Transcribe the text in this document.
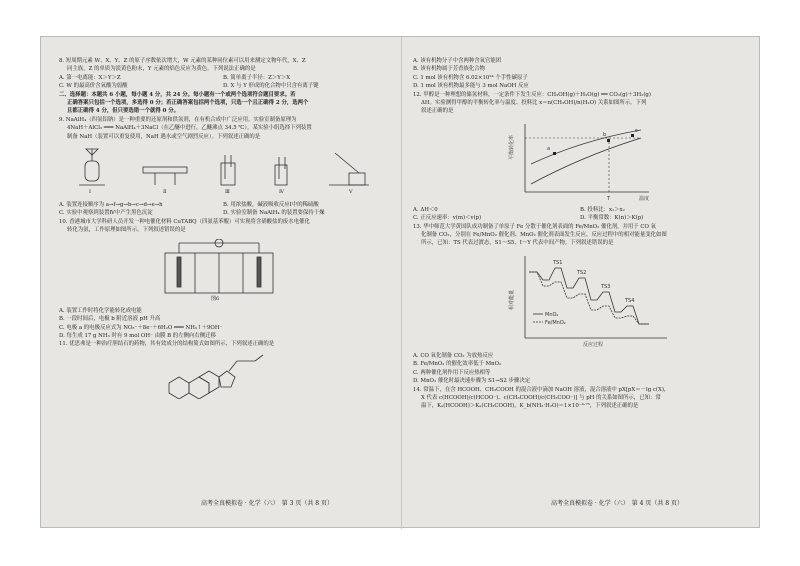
8. 短周期元素 W、X、Y、Z 的原子序数依次增大，W 元素的某种同位素可以用来测定文物年代，X、Z
同主族，Z 的单质为淡黄色粉末，Y 元素的焰色反应为黄色。下列说法正确的是
A. 第一电离能：X＞Y＞Z	B. 简单离子半径：Z＞Y＞X
C. W 的最高价含氧酸为弱酸	D. X 与 Y 形成的化合物中只含有离子键
二、选择题：本题共 6 小题，每小题 4 分，共 24 分。每小题有一个或两个选项符合题目要求。若
正确答案只包括一个选项，多选得 0 分；若正确答案包括两个选项，只选一个且正确得 2 分，选两个
且都正确得 4 分，但只要选错一个就得 0 分。
9. NaAlH₄（四氢铝钠）是一种重要的还原剂和供氢剂，在有机合成中广泛应用。实验室制备原理为
4NaH＋AlCl₃ ═══ NaAlH₄＋3NaCl（在乙醚中进行，乙醚沸点 34.5 ℃）。某实验小组选择下列装置
制备 NaH（装置可以重复使用，NaH 遇水或空气剧烈反应）。下列叙述正确的是
Ⅰ	Ⅱ	Ⅲ	Ⅳ	Ⅴ
A. 装置连接顺序为 a→f→g→b→c→d→e→h	B. 用浓盐酸，碱液吸收反应Ⅰ中的稀硫酸
C. 实验中观察到装置Ⅳ中产生黑色沉淀	D. 实验室制备 NaAlH₄ 的装置要保持干燥
10. 香港城市大学科研人员开发一种电催化材料 CuTABQ（四氨基苯醌）可实现将含硝酸盐的废水电催化
转化为氨，工作原理如图所示。下列叙述错误的是
图6
A. 装置工作时将化学能转化成电能
B. 一段时间后，电极 b 附近溶液 pH 升高
C. 电极 a 的电极反应式为 NO₃⁻＋8e⁻＋6H₂O ═══ NH₃↑＋9OH⁻
D. 每生成 17 g NH₃ 时有 9 mol OH⁻ 由膜 B 的左侧向右侧迁移
11. 优思弗是一种治疗胆结石的药物，其有效成分的结构简式如图所示，下列叙述正确的是
高考全真模拟卷 · 化学（六）　第 3 页（共 8 页）
A. 该有机物分子中含两种含氧官能团
B. 该有机物属于芳香族化合物
C. 1 mol 该有机物含 6.02×10²⁴ 个手性碳原子
D. 1 mol 该有机物最多能与 3 mol NaOH 反应
12. 甲醇是一种理想的储氢材料，一定条件下发生反应：CH₃OH(g)＋H₂O(g) ══ CO₂(g)＋3H₂(g)
ΔH。实验测得甲醇的平衡转化率与温度、投料比 x＝n(CH₃OH)/n(H₂O) 关系如图所示。下列
叙述正确的是
平衡转化率
温度
T
a
b
c
A. ΔH＜0	B. 投料比：x₁＞x₂
C. 正反应速率：v(m)＜v(p)	D. 平衡常数：K(n)＞K(p)
13. 华中师范大学黄国队成功制备了单原子 Fe 分散于催化剂表面的 Fe/MnO₂ 催化剂，并用于 CO 氧
化制备 CO₂，分别在 Fe/MnO₂ 催化剂、MnO₂ 催化剂表面发生反应，反应过程中的相对能量变化如图
所示，已知：TS 代表过渡态，S1～S5、I～Y 代表中间产物。下列叙述错误的是
MnO₂
Fe/MnO₂
TS1
TS2
TS3
TS4
相对能量
反应过程
A. CO 氧化制备 CO₂ 为放热反应
B. Fe/MnO₂ 的催化效率低于 MnO₂
C. 两种催化剂作用下反应热相等
D. MnO₂ 催化时最决速步骤为 S1→S2 步骤决定
14. 常温下，在含 HCOOH、CH₃COOH 的混合液中滴加 NaOH 溶液，混合溶液中 pX[pX＝－lg c(X)，
X 代表 c(HCOOH)/c(HCOO⁻)、c(CH₃COOH)/c(CH₃COO⁻)] 与 pH 的关系如图所示，已知：常
温下，Kₐ(HCOOH)＞Kₐ(CH₃COOH)，K_b(NH₃·H₂O)＝1×10⁻⁴·⁷⁵，下列叙述正确的是
高考全真模拟卷 · 化学（六）　第 4 页（共 8 页）
